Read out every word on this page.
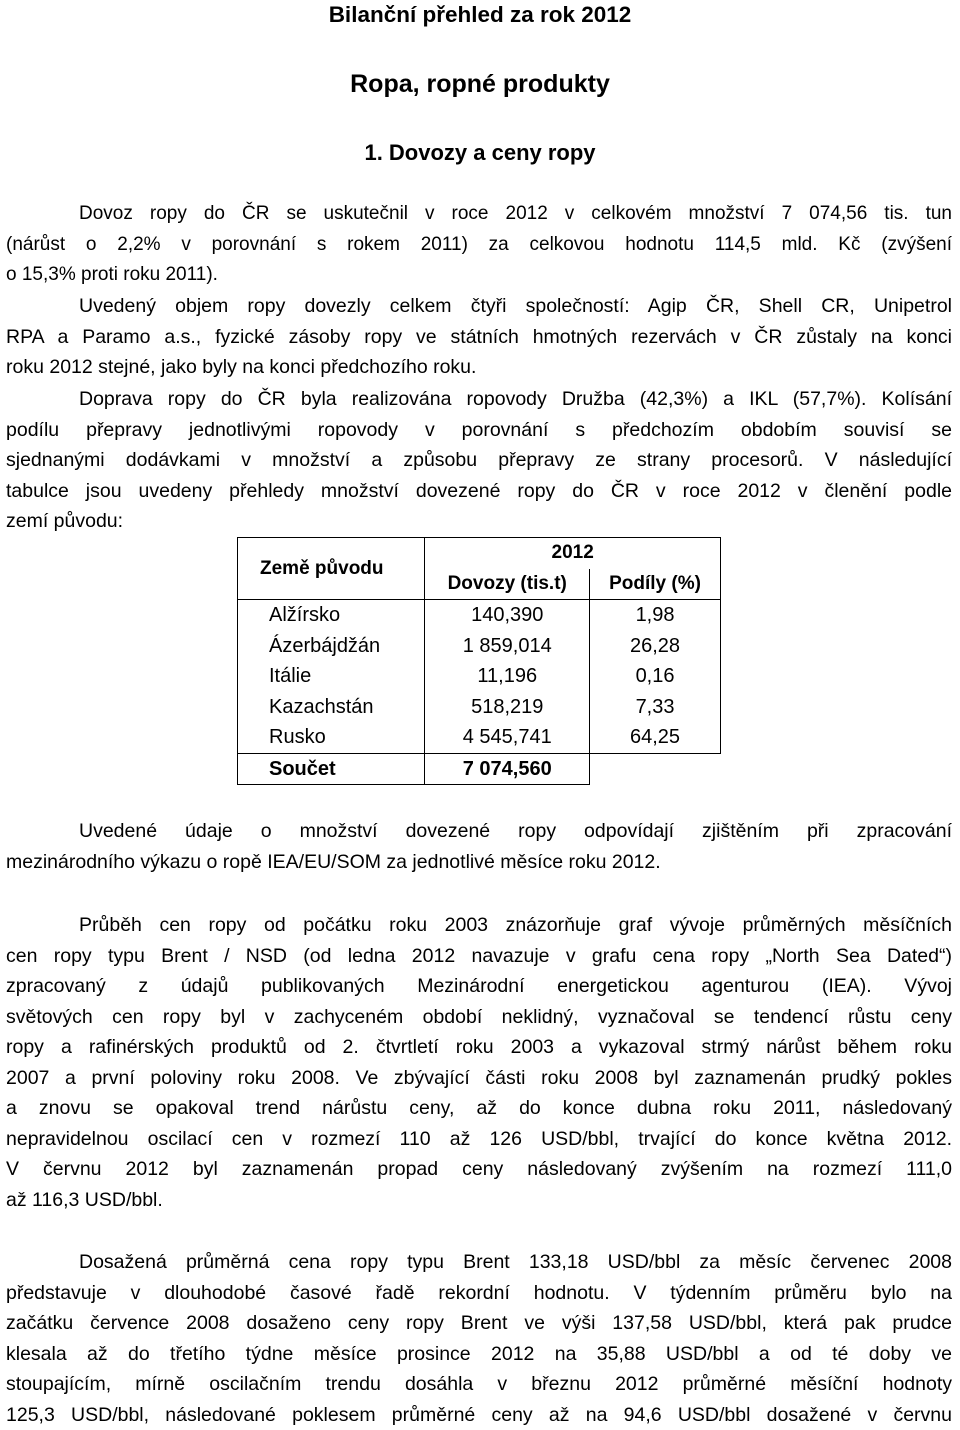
Bilanční přehled za rok 2012
Ropa, ropné produkty
1. Dovozy a ceny ropy
Dovoz ropy do ČR se uskutečnil v roce 2012 v celkovém množství 7 074,56 tis. tun
(nárůst o 2,2% v porovnání s rokem 2011) za celkovou hodnotu 114,5 mld. Kč (zvýšení
o 15,3% proti roku 2011).
Uvedený objem ropy dovezly celkem čtyři společností: Agip ČR, Shell CR, Unipetrol
RPA a Paramo a.s., fyzické zásoby ropy ve státních hmotných rezervách v ČR zůstaly na konci
roku 2012 stejné, jako byly na konci předchozího roku.
Doprava ropy do ČR byla realizována ropovody Družba (42,3%) a IKL (57,7%). Kolísání
podílu přepravy jednotlivými ropovody v porovnání s předchozím obdobím souvisí se
sjednanými dodávkami v množství a způsobu přepravy ze strany procesorů. V následující
tabulce jsou uvedeny přehledy množství dovezené ropy do ČR v roce 2012 v členění podle
zemí původu:
Země původu	2012	
	Dovozy (tis.t)	Podíly (%)
Alžírsko	140,390	1,98
Ázerbájdžán	1 859,014	26,28
Itálie	11,196	0,16
Kazachstán	518,219	7,33
Rusko	4 545,741	64,25
Součet	7 074,560	
Uvedené údaje o množství dovezené ropy odpovídají zjištěním při zpracování
mezinárodního výkazu o ropě IEA/EU/SOM za jednotlivé měsíce roku 2012.
Průběh cen ropy od počátku roku 2003 znázorňuje graf vývoje průměrných měsíčních
cen ropy typu Brent / NSD (od ledna 2012 navazuje v grafu cena ropy „North Sea Dated“)
zpracovaný z údajů publikovaných Mezinárodní energetickou agenturou (IEA). Vývoj
světových cen ropy byl v zachyceném období neklidný, vyznačoval se tendencí růstu ceny
ropy a rafinérských produktů od 2. čtvrtletí roku 2003 a vykazoval strmý nárůst během roku
2007 a první poloviny roku 2008. Ve zbývající části roku 2008 byl zaznamenán prudký pokles
a znovu se opakoval trend nárůstu ceny, až do konce dubna roku 2011, následovaný
nepravidelnou oscilací cen v rozmezí 110 až 126 USD/bbl, trvající do konce května 2012.
V červnu 2012 byl zaznamenán propad ceny následovaný zvýšením na rozmezí 111,0
až 116,3 USD/bbl.
Dosažená průměrná cena ropy typu Brent 133,18 USD/bbl za měsíc červenec 2008
představuje v dlouhodobé časové řadě rekordní hodnotu. V týdenním průměru bylo na
začátku července 2008 dosaženo ceny ropy Brent ve výši 137,58 USD/bbl, která pak prudce
klesala až do třetího týdne měsíce prosince 2012 na 35,88 USD/bbl a od té doby ve
stoupajícím, mírně oscilačním trendu dosáhla v březnu 2012 průměrné měsíční hodnoty
125,3 USD/bbl, následované poklesem průměrné ceny až na 94,6 USD/bbl dosažené v červnu
